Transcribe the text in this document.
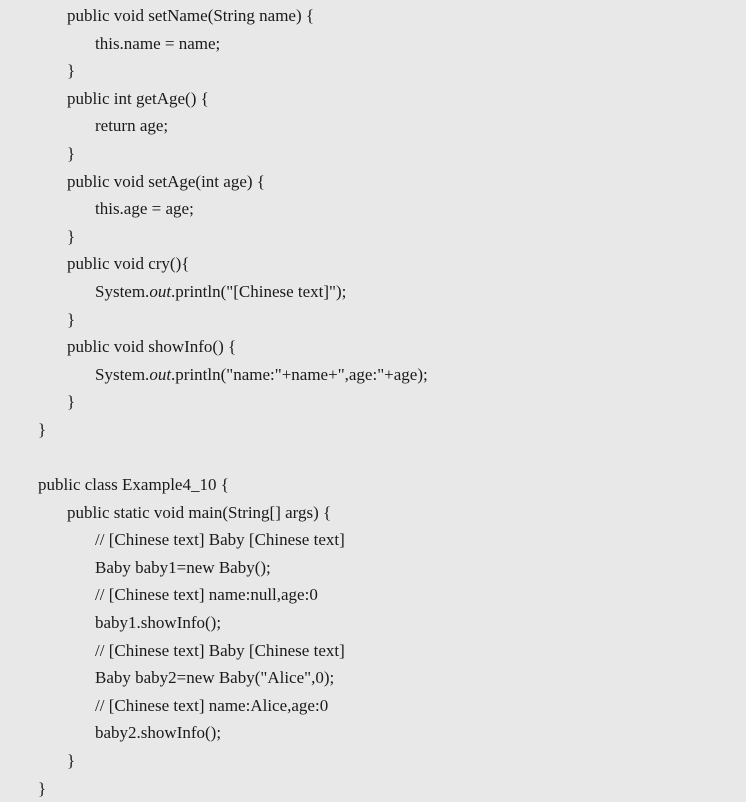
public void setName(String name) {
this.name = name;
}
public int getAge() {
return age;
}
public void setAge(int age) {
this.age = age;
}
public void cry(){
System.out.println("[Chinese text]");
}
public void showInfo() {
System.out.println("name:"+name+",age:"+age);
}
}
public class Example4_10 {
public static void main(String[] args) {
// [Chinese text] Baby [Chinese text]
Baby baby1=new Baby();
// [Chinese text] name:null,age:0
baby1.showInfo();
// [Chinese text] Baby [Chinese text]
Baby baby2=new Baby("Alice",0);
// [Chinese text] name:Alice,age:0
baby2.showInfo();
}
}
